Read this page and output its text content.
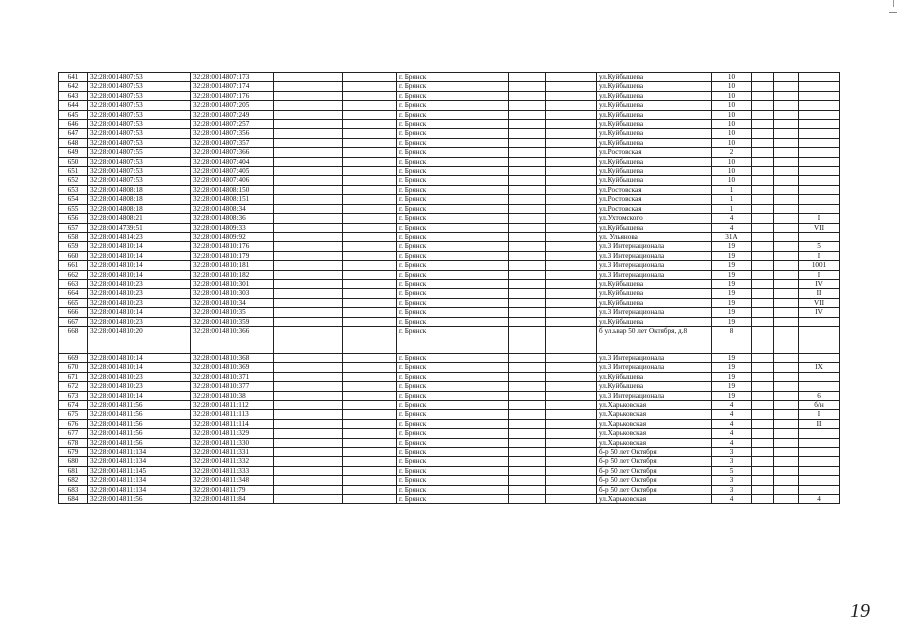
641	32:28:0014807:53	32:28:0014807:173			г. Брянск			ул.Куйбышева	10			
642	32:28:0014807:53	32:28:0014807:174			г. Брянск			ул.Куйбышева	10			
643	32:28:0014807:53	32:28:0014807:176			г. Брянск			ул.Куйбышева	10			
644	32:28:0014807:53	32:28:0014807:205			г. Брянск			ул.Куйбышева	10			
645	32:28:0014807:53	32:28:0014807:249			г. Брянск			ул.Куйбышева	10			
646	32:28:0014807:53	32:28:0014807:257			г. Брянск			ул.Куйбышева	10			
647	32:28:0014807:53	32:28:0014807:356			г. Брянск			ул.Куйбышева	10			
648	32:28:0014807:53	32:28:0014807:357			г. Брянск			ул.Куйбышева	10			
649	32:28:0014807:55	32:28:0014807:366			г. Брянск			ул.Ростовская	2			
650	32:28:0014807:53	32:28:0014807:404			г. Брянск			ул.Куйбышева	10			
651	32:28:0014807:53	32:28:0014807:405			г. Брянск			ул.Куйбышева	10			
652	32:28:0014807:53	32:28:0014807:406			г. Брянск			ул.Куйбышева	10			
653	32:28:0014808:18	32:28:0014808:150			г. Брянск			ул.Ростовская	1			
654	32:28:0014808:18	32:28:0014808:151			г. Брянск			ул.Ростовская	1			
655	32:28:0014808:18	32:28:0014808:34			г. Брянск			ул.Ростовская	1			
656	32:28:0014808:21	32:28:0014808:36			г. Брянск			ул.Ухтомского	4			I
657	32:28:0014739:51	32:28:0014809:33			г. Брянск			ул.Куйбышева	4			VII
658	32:28:0014814:23	32:28:0014809:92			г. Брянск			ул. Ульянова	31А			
659	32:28:0014810:14	32:28:0014810:176			г. Брянск			ул.3 Интернационала	19			5
660	32:28:0014810:14	32:28:0014810:179			г. Брянск			ул.3 Интернационала	19			I
661	32:28:0014810:14	32:28:0014810:181			г. Брянск			ул.3 Интернационала	19			1001
662	32:28:0014810:14	32:28:0014810:182			г. Брянск			ул.3 Интернационала	19			I
663	32:28:0014810:23	32:28:0014810:301			г. Брянск			ул.Куйбышева	19			IV
664	32:28:0014810:23	32:28:0014810:303			г. Брянск			ул.Куйбышева	19			II
665	32:28:0014810:23	32:28:0014810:34			г. Брянск			ул.Куйбышева	19			VII
666	32:28:0014810:14	32:28:0014810:35			г. Брянск			ул.3 Интернационала	19			IV
667	32:28:0014810:23	32:28:0014810:359			г. Брянск			ул.Куйбышева	19			
668	32:28:0014810:20	32:28:0014810:366			г. Брянск			б ул.ьвар 50 лет Октября, д.8	8			
669	32:28:0014810:14	32:28:0014810:368			г. Брянск			ул.3 Интернационала	19			
670	32:28:0014810:14	32:28:0014810:369			г. Брянск			ул.3 Интернационала	19			IX
671	32:28:0014810:23	32:28:0014810:371			г. Брянск			ул.Куйбышева	19			
672	32:28:0014810:23	32:28:0014810:377			г. Брянск			ул.Куйбышева	19			
673	32:28:0014810:14	32:28:0014810:38			г. Брянск			ул.3 Интернационала	19			6
674	32:28:0014811:56	32:28:0014811:112			г. Брянск			ул.Харьковская	4			б/н
675	32:28:0014811:56	32:28:0014811:113			г. Брянск			ул.Харьковская	4			I
676	32:28:0014811:56	32:28:0014811:114			г. Брянск			ул.Харьковская	4			II
677	32:28:0014811:56	32:28:0014811:329			г. Брянск			ул.Харьковская	4			
678	32:28:0014811:56	32:28:0014811:330			г. Брянск			ул.Харьковская	4			
679	32:28:0014811:134	32:28:0014811:331			г. Брянск			б-р 50 лет Октября	3			
680	32:28:0014811:134	32:28:0014811:332			г. Брянск			б-р 50 лет Октября	3			
681	32:28:0014811:145	32:28:0014811:333			г. Брянск			б-р 50 лет Октября	5			
682	32:28:0014811:134	32:28:0014811:348			г. Брянск			б-р 50 лет Октября	3			
683	32:28:0014811:134	32:28:0014811:79			г. Брянск			б-р 50 лет Октября	3			
684	32:28:0014811:56	32:28:0014811:84			г. Брянск			ул.Харьковская	4			4
19
